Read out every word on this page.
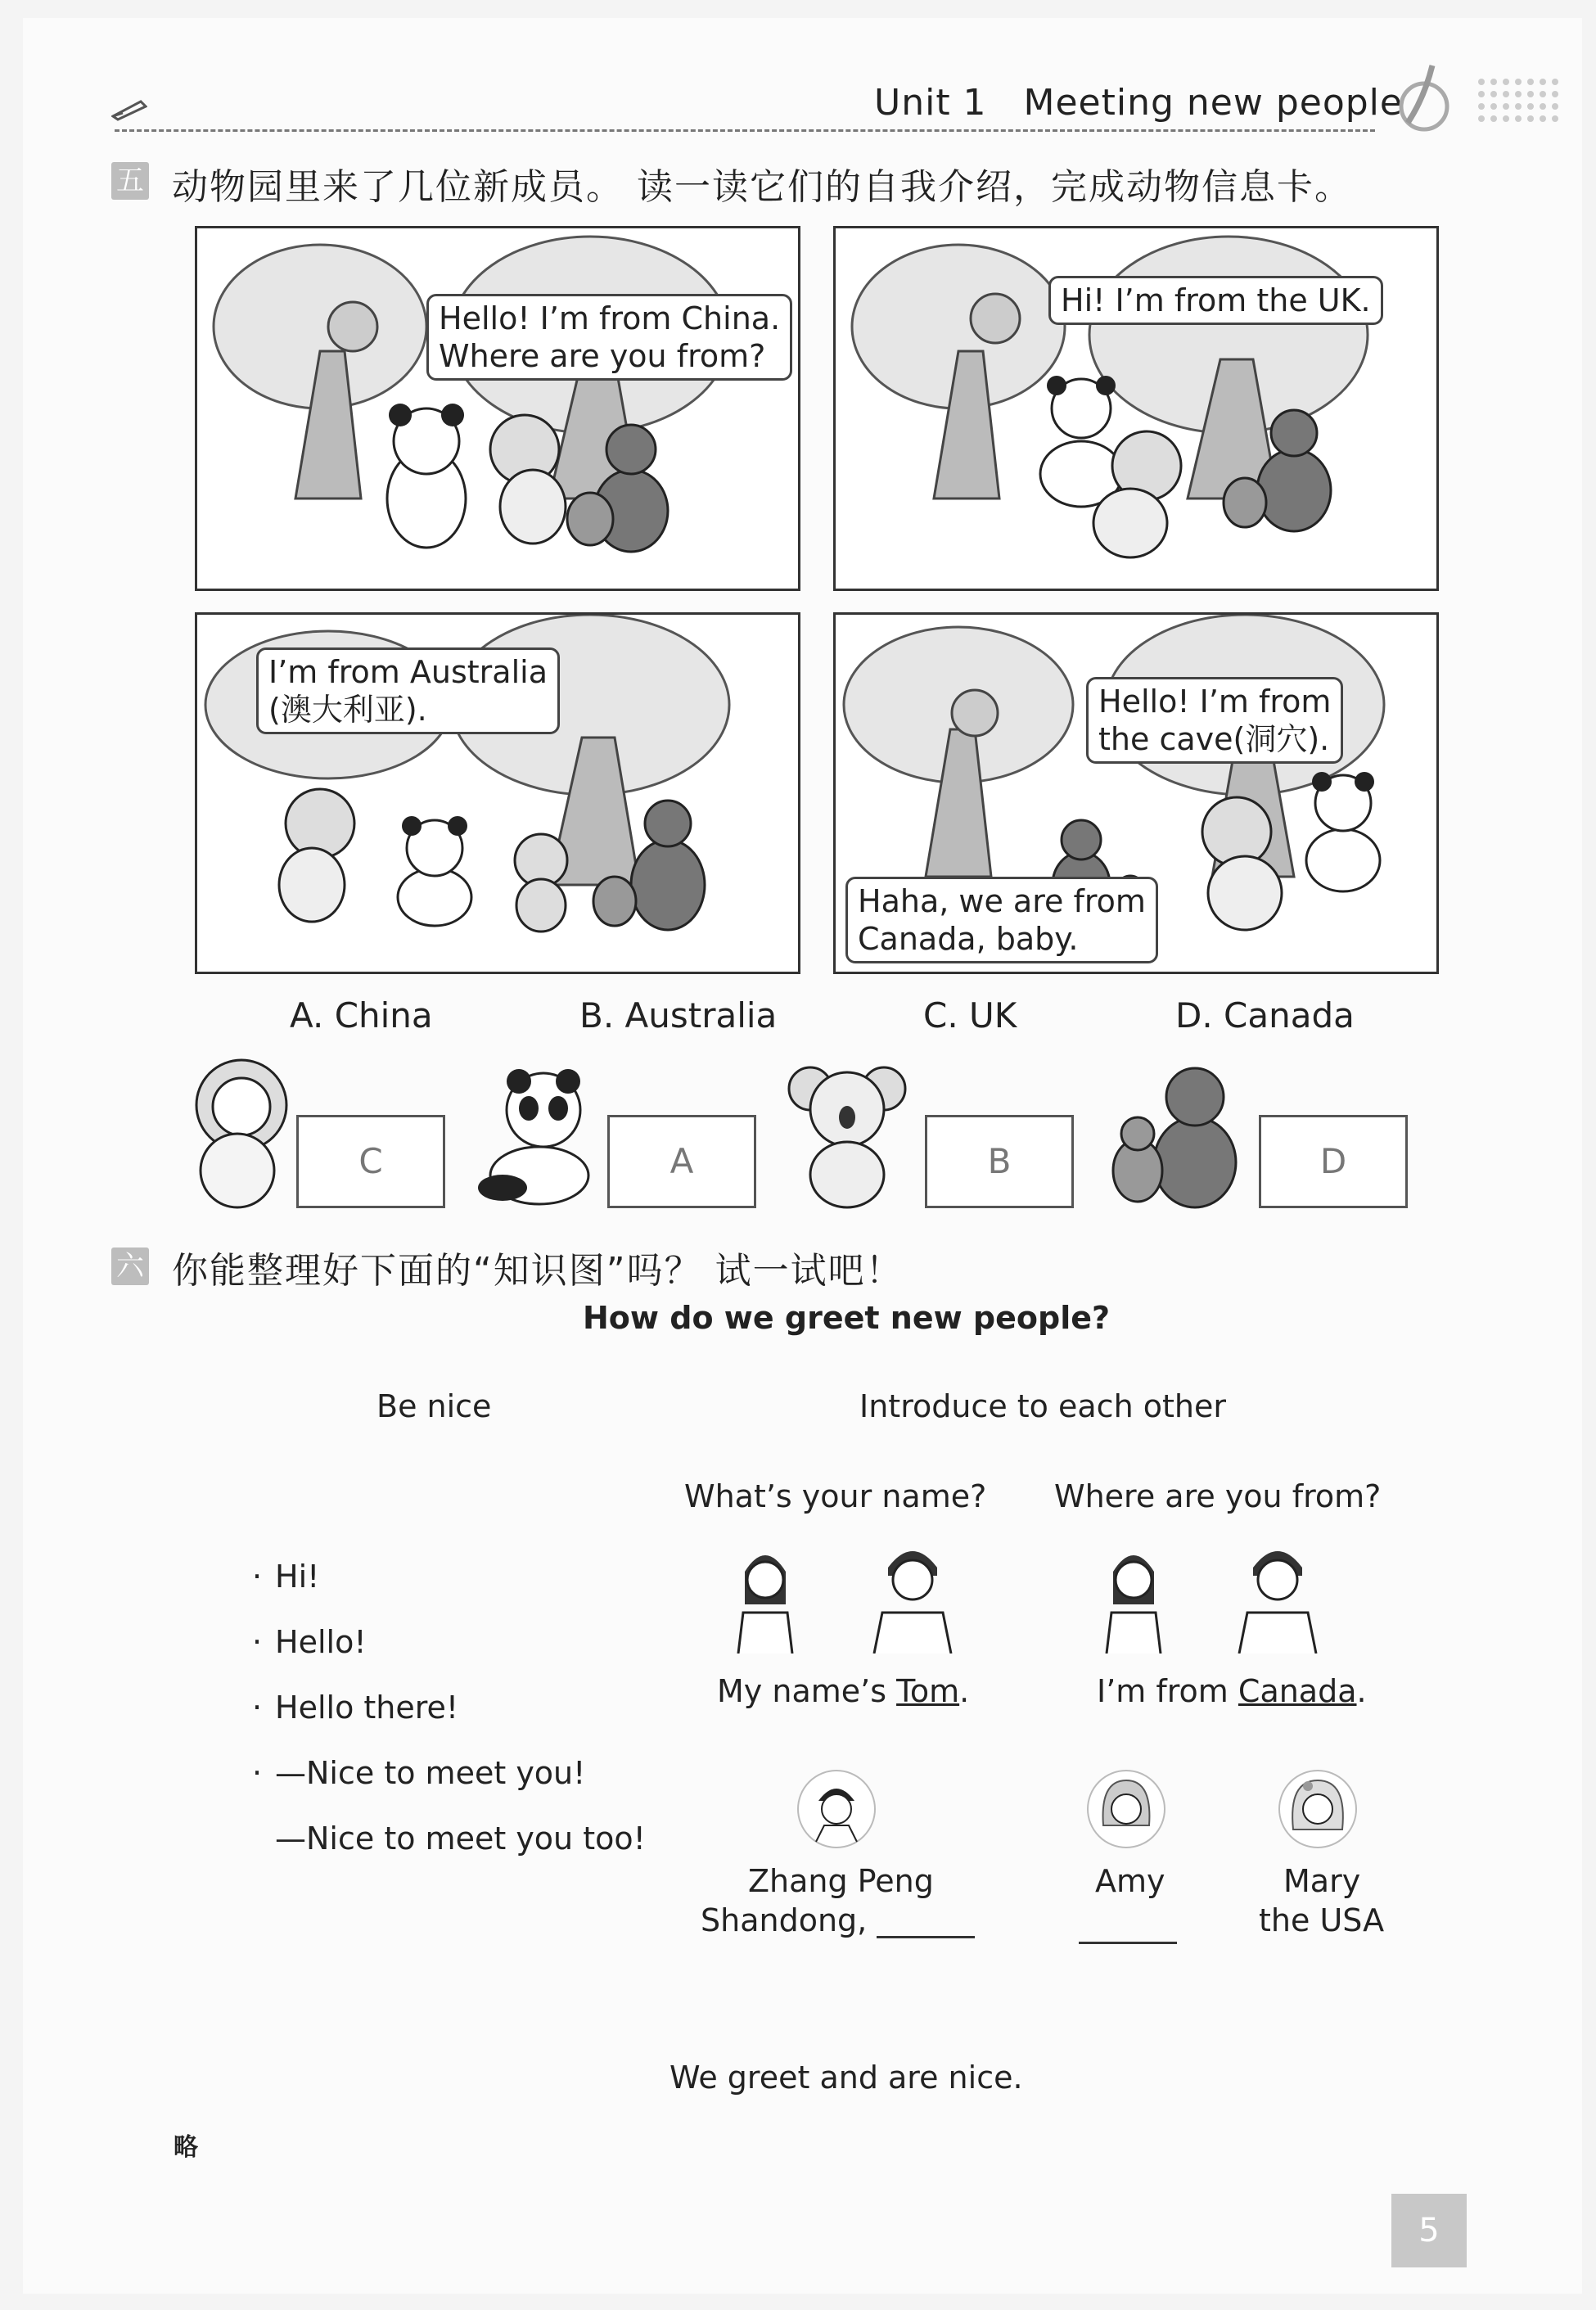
Unit 1   Meeting new people
五 动物园里来了几位新成员。 读一读它们的自我介绍，完成动物信息卡。
Hello! I’m from China.
Where are you from?
Hi! I’m from the UK.
I’m from Australia
(澳大利亚).	Hello! I’m from
the cave(洞穴).
Haha, we are from
Canada, baby.
A. China	B. Australia	C. UK	D. Canada
C	A	B	D
六 你能整理好下面的“知识图”吗？ 试一试吧！
How do we greet new people?
Be nice	Introduce to each other
What’s your name? Where are you from?
· Hi!
· Hello!
· Hello there!
· —Nice to meet you!
—Nice to meet you too!
My name’s Tom.	I’m from Canada.
Zhang Peng
Shandong,
Amy	Mary
the USA
We greet and are nice.
略
5
